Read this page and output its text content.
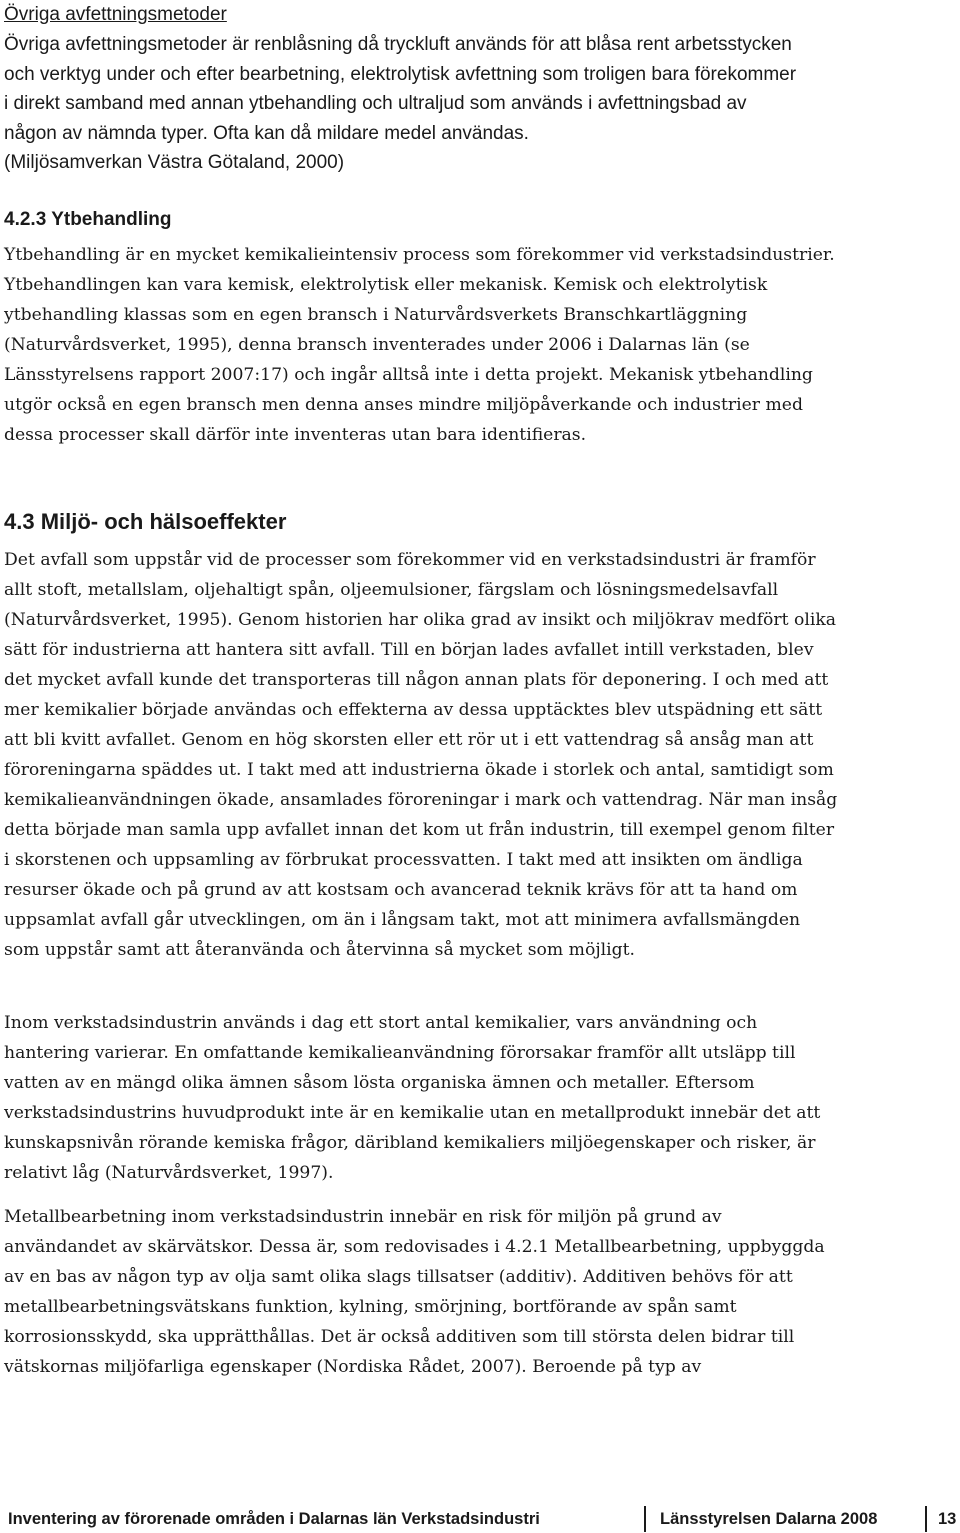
Övriga avfettningsmetoder
Övriga avfettningsmetoder är renblåsning då tryckluft används för att blåsa rent arbetsstycken och verktyg under och efter bearbetning, elektrolytisk avfettning som troligen bara förekommer i direkt samband med annan ytbehandling och ultraljud som används i avfettningsbad av någon av nämnda typer. Ofta kan då mildare medel användas.
(Miljösamverkan Västra Götaland, 2000)
4.2.3 Ytbehandling

Ytbehandling är en mycket kemikalieintensiv process som förekommer vid verkstadsindustrier. Ytbehandlingen kan vara kemisk, elektrolytisk eller mekanisk. Kemisk och elektrolytisk ytbehandling klassas som en egen bransch i Naturvårdsverkets Branschkartläggning (Naturvårdsverket, 1995), denna bransch inventerades under 2006 i Dalarnas län (se Länsstyrelsens rapport 2007:17) och ingår alltså inte i detta projekt. Mekanisk ytbehandling utgör också en egen bransch men denna anses mindre miljöpåverkande och industrier med dessa processer skall därför inte inventeras utan bara identifieras.

4.3 Miljö- och hälsoeffekter

Det avfall som uppstår vid de processer som förekommer vid en verkstadsindustri är framför allt stoft, metallslam, oljehaltigt spån, oljeemulsioner, färgslam och lösningsmedelsavfall (Naturvårdsverket, 1995). Genom historien har olika grad av insikt och miljökrav medfört olika sätt för industrierna att hantera sitt avfall. Till en början lades avfallet intill verkstaden, blev det mycket avfall kunde det transporteras till någon annan plats för deponering. I och med att mer kemikalier började användas och effekterna av dessa upptäcktes blev utspädning ett sätt att bli kvitt avfallet. Genom en hög skorsten eller ett rör ut i ett vattendrag så ansåg man att föroreningarna späddes ut. I takt med att industrierna ökade i storlek och antal, samtidigt som kemikalieanvändningen ökade, ansamlades föroreningar i mark och vattendrag. När man insåg detta började man samla upp avfallet innan det kom ut från industrin, till exempel genom filter i skorstenen och uppsamling av förbrukat processvatten. I takt med att insikten om ändliga resurser ökade och på grund av att kostsam och avancerad teknik krävs för att ta hand om uppsamlat avfall går utvecklingen, om än i långsam takt, mot att minimera avfallsmängden som uppstår samt att återanvända och återvinna så mycket som möjligt.

Inom verkstadsindustrin används i dag ett stort antal kemikalier, vars användning och hantering varierar. En omfattande kemikalieanvändning förorsakar framför allt utsläpp till vatten av en mängd olika ämnen såsom lösta organiska ämnen och metaller. Eftersom verkstadsindustrins huvudprodukt inte är en kemikalie utan en metallprodukt innebär det att kunskapsnivån rörande kemiska frågor, däribland kemikaliers miljöegenskaper och risker, är relativt låg (Naturvårdsverket, 1997).

Metallbearbetning inom verkstadsindustrin innebär en risk för miljön på grund av användandet av skärvätskor. Dessa är, som redovisades i 4.2.1 Metallbearbetning, uppbyggda av en bas av någon typ av olja samt olika slags tillsatser (additiv). Additiven behövs för att metallbearbetningsvätskans funktion, kylning, smörjning, bortförande av spån samt korrosionsskydd, ska upprätthållas. Det är också additiven som till största delen bidrar till vätskornas miljöfarliga egenskaper (Nordiska Rådet, 2007). Beroende på typ av

Inventering av förorenade områden i Dalarnas län Verkstadsindustri	Länsstyrelsen Dalarna 2008	13
